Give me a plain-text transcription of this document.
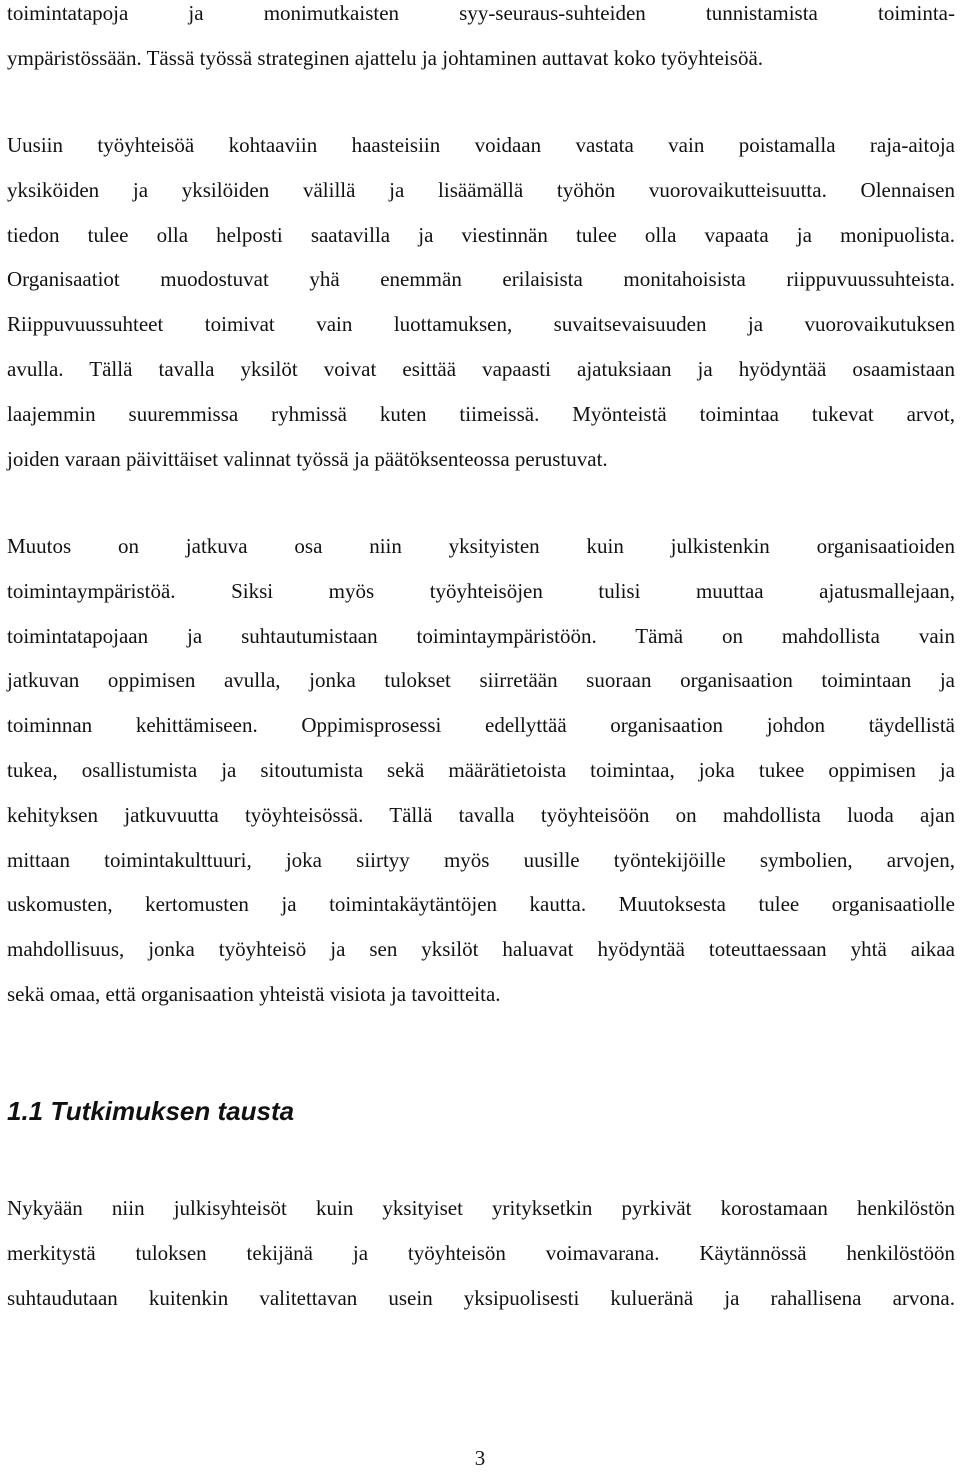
toimintatapoja ja monimutkaisten syy-seuraus-suhteiden tunnistamista toiminta-
ympäristössään. Tässä työssä strateginen ajattelu ja johtaminen auttavat koko työyhteisöä.

Uusiin työyhteisöä kohtaaviin haasteisiin voidaan vastata vain poistamalla raja-aitoja
yksiköiden ja yksilöiden välillä ja lisäämällä työhön vuorovaikutteisuutta. Olennaisen
tiedon tulee olla helposti saatavilla ja viestinnän tulee olla vapaata ja monipuolista.
Organisaatiot muodostuvat yhä enemmän erilaisista monitahoisista riippuvuussuhteista.
Riippuvuussuhteet toimivat vain luottamuksen, suvaitsevaisuuden ja vuorovaikutuksen
avulla. Tällä tavalla yksilöt voivat esittää vapaasti ajatuksiaan ja hyödyntää osaamistaan
laajemmin suuremmissa ryhmissä kuten tiimeissä. Myönteistä toimintaa tukevat arvot,
joiden varaan päivittäiset valinnat työssä ja päätöksenteossa perustuvat.

Muutos on jatkuva osa niin yksityisten kuin julkistenkin organisaatioiden
toimintaympäristöä. Siksi myös työyhteisöjen tulisi muuttaa ajatusmallejaan,
toimintatapojaan ja suhtautumistaan toimintaympäristöön. Tämä on mahdollista vain
jatkuvan oppimisen avulla, jonka tulokset siirretään suoraan organisaation toimintaan ja
toiminnan kehittämiseen. Oppimisprosessi edellyttää organisaation johdon täydellistä
tukea, osallistumista ja sitoutumista sekä määrätietoista toimintaa, joka tukee oppimisen ja
kehityksen jatkuvuutta työyhteisössä. Tällä tavalla työyhteisöön on mahdollista luoda ajan
mittaan toimintakulttuuri, joka siirtyy myös uusille työntekijöille symbolien, arvojen,
uskomusten, kertomusten ja toimintakäytäntöjen kautta. Muutoksesta tulee organisaatiolle
mahdollisuus, jonka työyhteisö ja sen yksilöt haluavat hyödyntää toteuttaessaan yhtä aikaa
sekä omaa, että organisaation yhteistä visiota ja tavoitteita.

1.1 Tutkimuksen tausta

Nykyään niin julkisyhteisöt kuin yksityiset yrityksetkin pyrkivät korostamaan henkilöstön
merkitystä tuloksen tekijänä ja työyhteisön voimavarana. Käytännössä henkilöstöön
suhtaudutaan kuitenkin valitettavan usein yksipuolisesti kulueränä ja rahallisena arvona.

3
